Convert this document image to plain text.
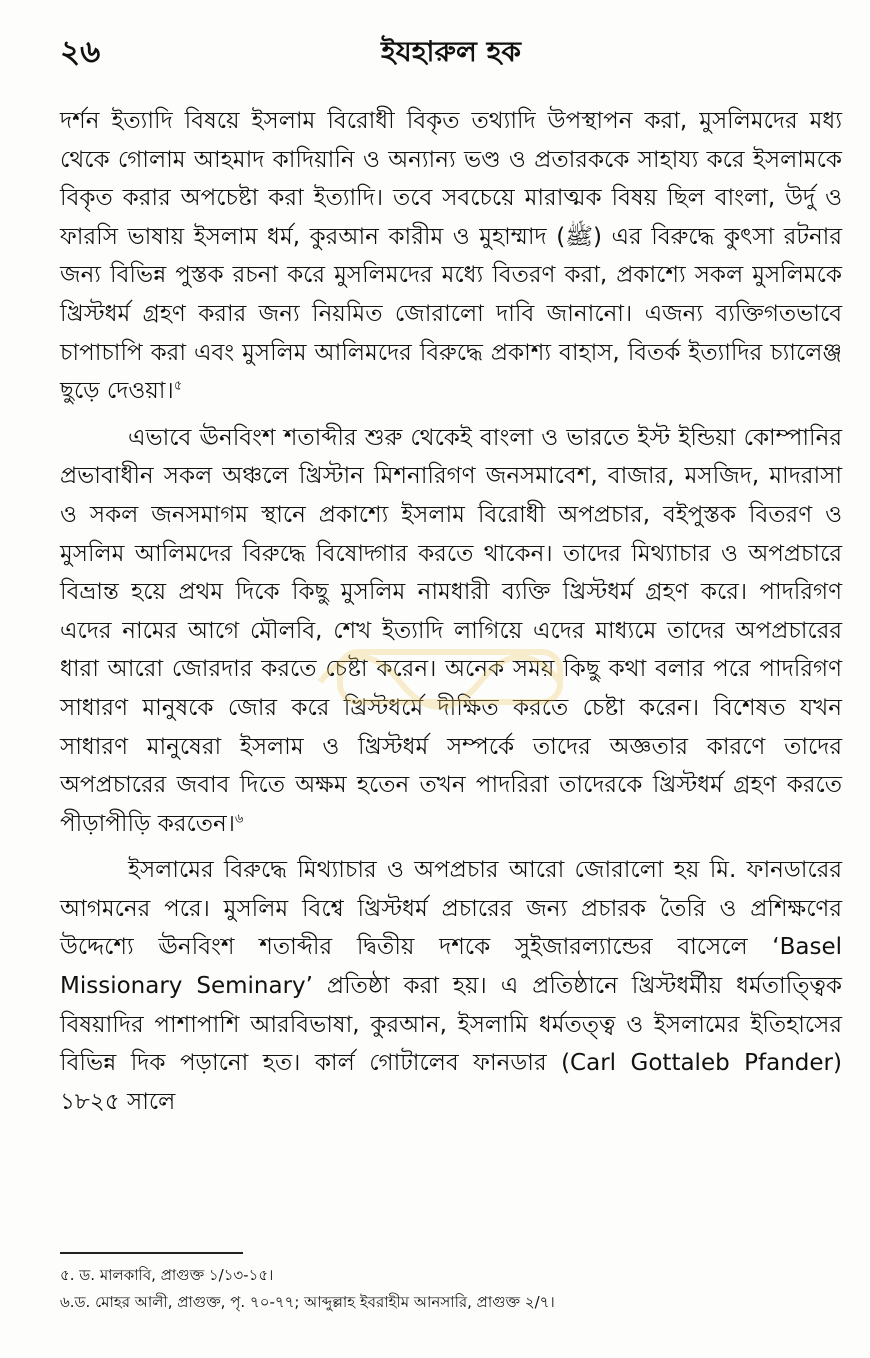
২৬	ইযহারুল হক

দর্শন ইত্যাদি বিষয়ে ইসলাম বিরোধী বিকৃত তথ্যাদি উপস্থাপন করা, মুসলিমদের মধ্য থেকে গোলাম আহমাদ কাদিয়ানি ও অন্যান্য ভণ্ড ও প্রতারককে সাহায্য করে ইসলামকে বিকৃত করার অপচেষ্টা করা ইত্যাদি। তবে সবচেয়ে মারাত্মক বিষয় ছিল বাংলা, উর্দু ও ফারসি ভাষায় ইসলাম ধর্ম, কুরআন কারীম ও মুহাম্মাদ (ﷺ) এর বিরুদ্ধে কুৎসা রটনার জন্য বিভিন্ন পুস্তক রচনা করে মুসলিমদের মধ্যে বিতরণ করা, প্রকাশ্যে সকল মুসলিমকে খ্রিস্টধর্ম গ্রহণ করার জন্য নিয়মিত জোরালো দাবি জানানো। এজন্য ব্যক্তিগতভাবে চাপাচাপি করা এবং মুসলিম আলিমদের বিরুদ্ধে প্রকাশ্য বাহাস, বিতর্ক ইত্যাদির চ্যালেঞ্জ ছুড়ে দেওয়া।$^৫$

এভাবে ঊনবিংশ শতাব্দীর শুরু থেকেই বাংলা ও ভারতে ইস্ট ইন্ডিয়া কোম্পানির প্রভাবাধীন সকল অঞ্চলে খ্রিস্টান মিশনারিগণ জনসমাবেশ, বাজার, মসজিদ, মাদরাসা ও সকল জনসমাগম স্থানে প্রকাশ্যে ইসলাম বিরোধী অপপ্রচার, বইপুস্তক বিতরণ ও মুসলিম আলিমদের বিরুদ্ধে বিষোদ্গার করতে থাকেন। তাদের মিথ্যাচার ও অপপ্রচারে বিভ্রান্ত হয়ে প্রথম দিকে কিছু মুসলিম নামধারী ব্যক্তি খ্রিস্টধর্ম গ্রহণ করে। পাদরিগণ এদের নামের আগে মৌলবি, শেখ ইত্যাদি লাগিয়ে এদের মাধ্যমে তাদের অপপ্রচারের ধারা আরো জোরদার করতে চেষ্টা করেন। অনেক সময় কিছু কথা বলার পরে পাদরিগণ সাধারণ মানুষকে জোর করে খ্রিস্টধর্মে দীক্ষিত করতে চেষ্টা করেন। বিশেষত যখন সাধারণ মানুষেরা ইসলাম ও খ্রিস্টধর্ম সম্পর্কে তাদের অজ্ঞতার কারণে তাদের অপপ্রচারের জবাব দিতে অক্ষম হতেন তখন পাদরিরা তাদেরকে খ্রিস্টধর্ম গ্রহণ করতে পীড়াপীড়ি করতেন।$^৬$

ইসলামের বিরুদ্ধে মিথ্যাচার ও অপপ্রচার আরো জোরালো হয় মি. ফানডারের আগমনের পরে। মুসলিম বিশ্বে খ্রিস্টধর্ম প্রচারের জন্য প্রচারক তৈরি ও প্রশিক্ষণের উদ্দেশ্যে ঊনবিংশ শতাব্দীর দ্বিতীয় দশকে সুইজারল্যান্ডের বাসেলে ‘Basel Missionary Seminary’ প্রতিষ্ঠা করা হয়। এ প্রতিষ্ঠানে খ্রিস্টধর্মীয় ধর্মতাত্ত্বিক বিষয়াদির পাশাপাশি আরবিভাষা, কুরআন, ইসলামি ধর্মতত্ত্ব ও ইসলামের ইতিহাসের বিভিন্ন দিক পড়ানো হত। কার্ল গোটালেব ফানডার (Carl Gottaleb Pfander) ১৮২৫ সালে

৫. ড. মালকাবি, প্রাগুক্ত ১/১৩-১৫।
৬.ড. মোহর আলী, প্রাগুক্ত, পৃ. ৭০-৭৭; আব্দুল্লাহ ইবরাহীম আনসারি, প্রাগুক্ত ২/৭।
